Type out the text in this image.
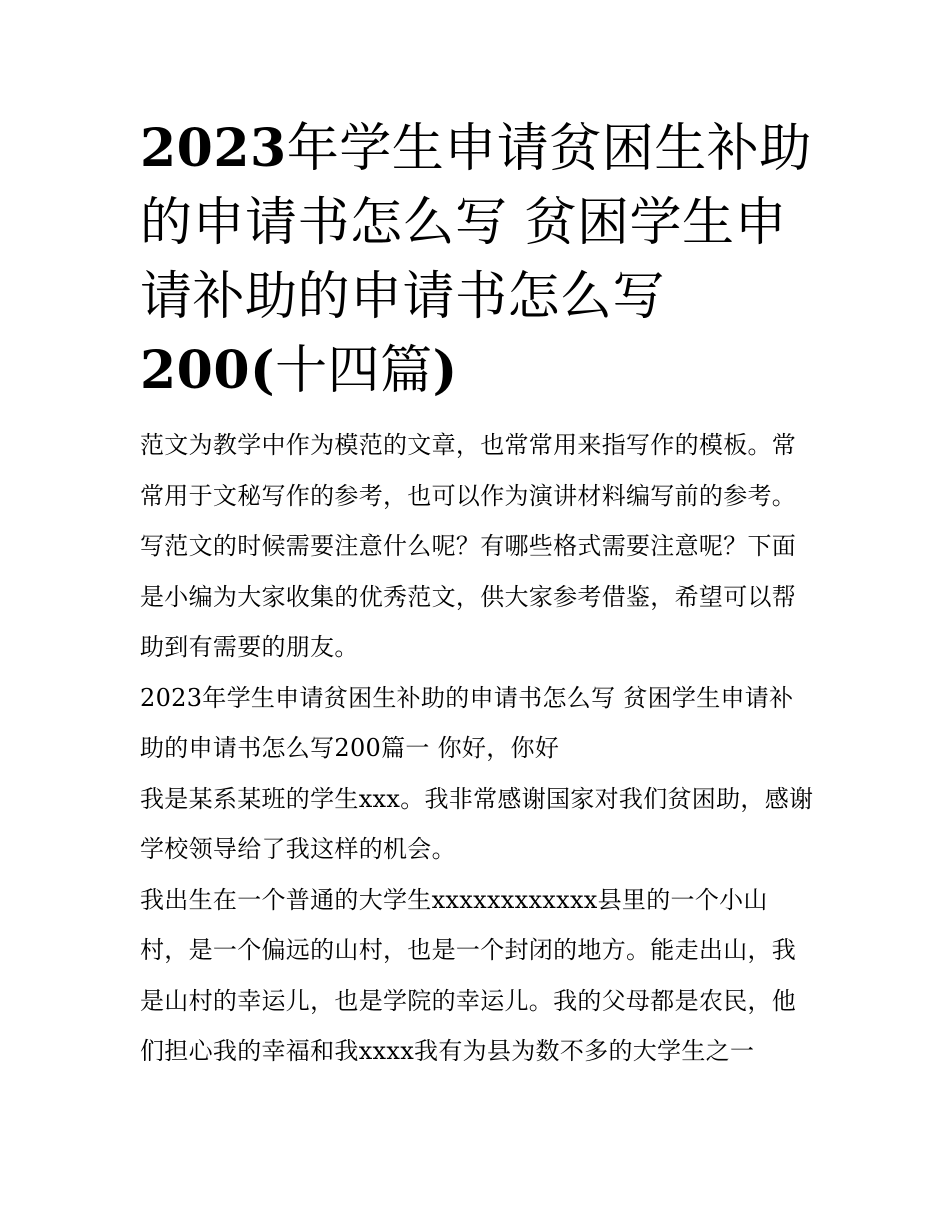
2023年学生申请贫困生补助的申请书怎么写 贫困学生申请补助的申请书怎么写200(十四篇)

范文为教学中作为模范的文章，也常常用来指写作的模板。常常用于文秘写作的参考，也可以作为演讲材料编写前的参考。写范文的时候需要注意什么呢？有哪些格式需要注意呢？下面是小编为大家收集的优秀范文，供大家参考借鉴，希望可以帮助到有需要的朋友。

2023年学生申请贫困生补助的申请书怎么写 贫困学生申请补助的申请书怎么写200篇一 你好，你好

我是某系某班的学生xxx。我非常感谢国家对我们贫困助，感谢学校领导给了我这样的机会。

我出生在一个普通的大学生xxxxxxxxxxxx县里的一个小山村，是一个偏远的山村，也是一个封闭的地方。能走出山，我是山村的幸运儿，也是学院的幸运儿。我的父母都是农民，他们担心我的幸福和我xxxx我有为县为数不多的大学生之一
